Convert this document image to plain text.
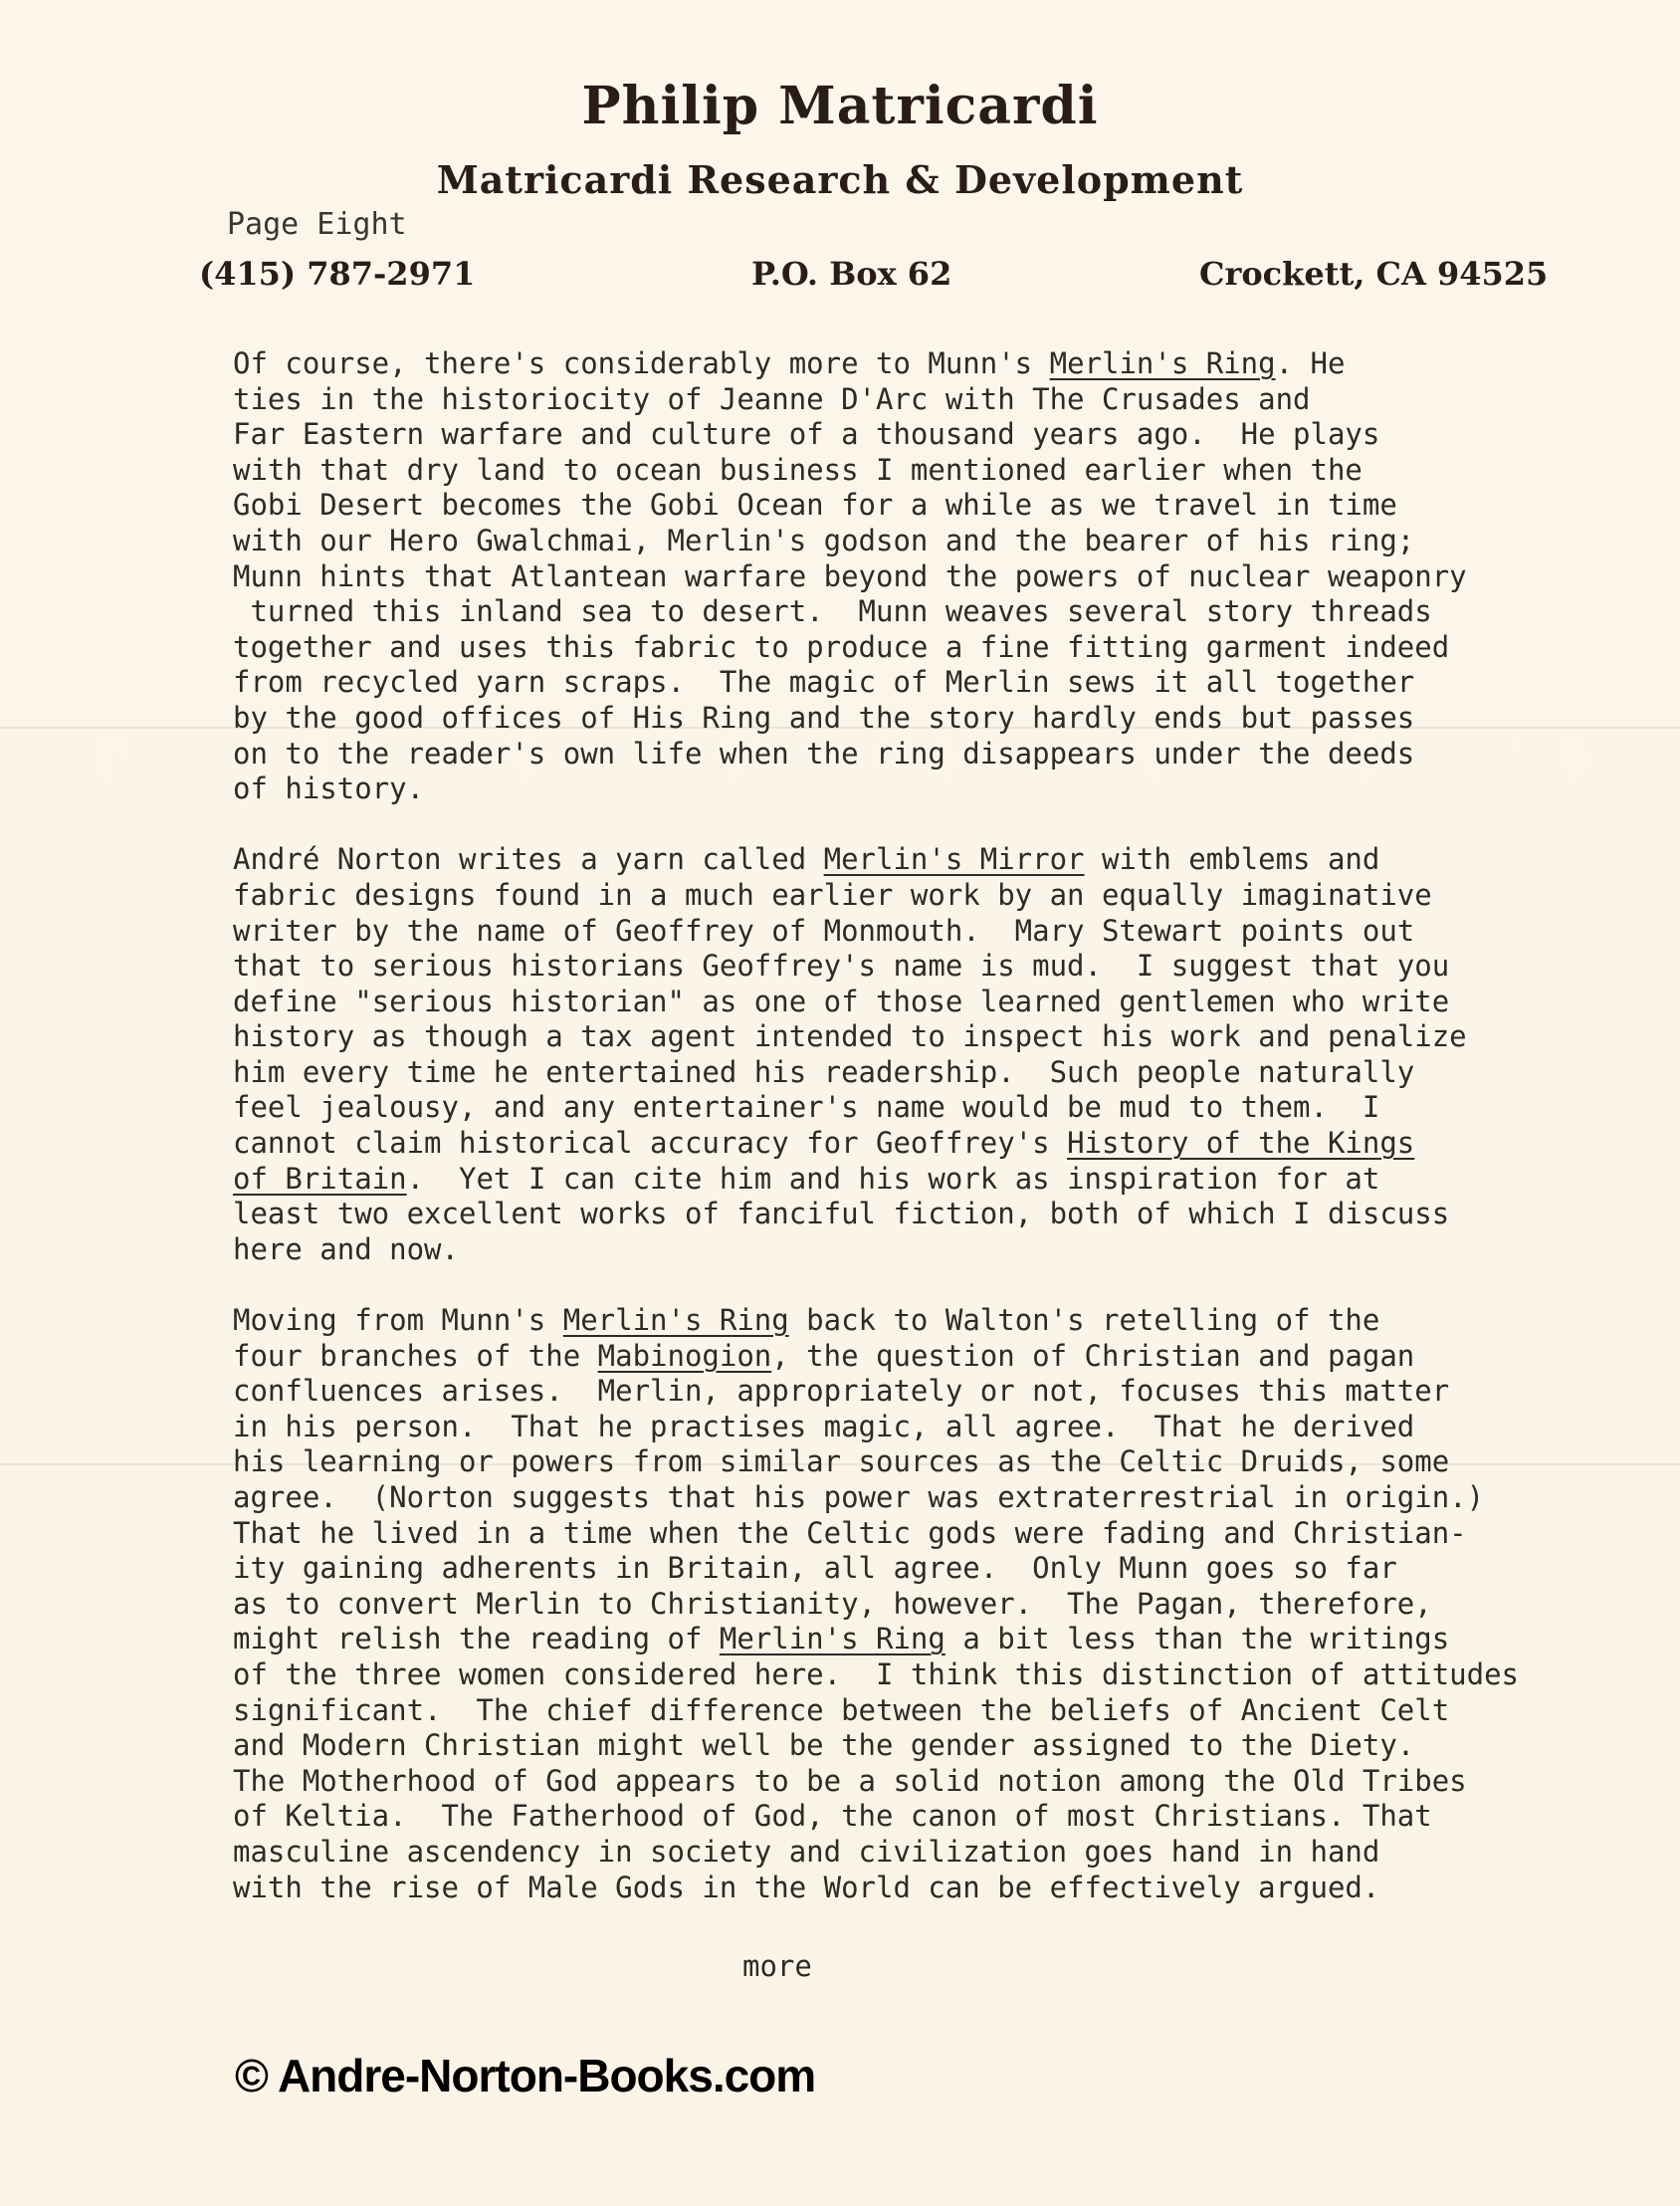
Philip Matricardi
Matricardi Research & Development
Page Eight
(415) 787-2971	P.O. Box 62	Crockett, CA 94525
Of course, there's considerably more to Munn's Merlin's Ring. He
ties in the historiocity of Jeanne D'Arc with The Crusades and
Far Eastern warfare and culture of a thousand years ago.  He plays
with that dry land to ocean business I mentioned earlier when the
Gobi Desert becomes the Gobi Ocean for a while as we travel in time
with our Hero Gwalchmai, Merlin's godson and the bearer of his ring;
Munn hints that Atlantean warfare beyond the powers of nuclear weaponry
turned this inland sea to desert.  Munn weaves several story threads
together and uses this fabric to produce a fine fitting garment indeed
from recycled yarn scraps.  The magic of Merlin sews it all together
by the good offices of His Ring and the story hardly ends but passes
on to the reader's own life when the ring disappears under the deeds
of history.
André Norton writes a yarn called Merlin's Mirror with emblems and
fabric designs found in a much earlier work by an equally imaginative
writer by the name of Geoffrey of Monmouth.  Mary Stewart points out
that to serious historians Geoffrey's name is mud.  I suggest that you
define "serious historian" as one of those learned gentlemen who write
history as though a tax agent intended to inspect his work and penalize
him every time he entertained his readership.  Such people naturally
feel jealousy, and any entertainer's name would be mud to them.  I
cannot claim historical accuracy for Geoffrey's History of the Kings
of Britain.  Yet I can cite him and his work as inspiration for at
least two excellent works of fanciful fiction, both of which I discuss
here and now.
Moving from Munn's Merlin's Ring back to Walton's retelling of the
four branches of the Mabinogion, the question of Christian and pagan
confluences arises.  Merlin, appropriately or not, focuses this matter
in his person.  That he practises magic, all agree.  That he derived
his learning or powers from similar sources as the Celtic Druids, some
agree.  (Norton suggests that his power was extraterrestrial in origin.)
That he lived in a time when the Celtic gods were fading and Christian-
ity gaining adherents in Britain, all agree.  Only Munn goes so far
as to convert Merlin to Christianity, however.  The Pagan, therefore,
might relish the reading of Merlin's Ring a bit less than the writings
of the three women considered here.  I think this distinction of attitudes
significant.  The chief difference between the beliefs of Ancient Celt
and Modern Christian might well be the gender assigned to the Diety.
The Motherhood of God appears to be a solid notion among the Old Tribes
of Keltia.  The Fatherhood of God, the canon of most Christians. That
masculine ascendency in society and civilization goes hand in hand
with the rise of Male Gods in the World can be effectively argued.
more
© Andre-Norton-Books.com
